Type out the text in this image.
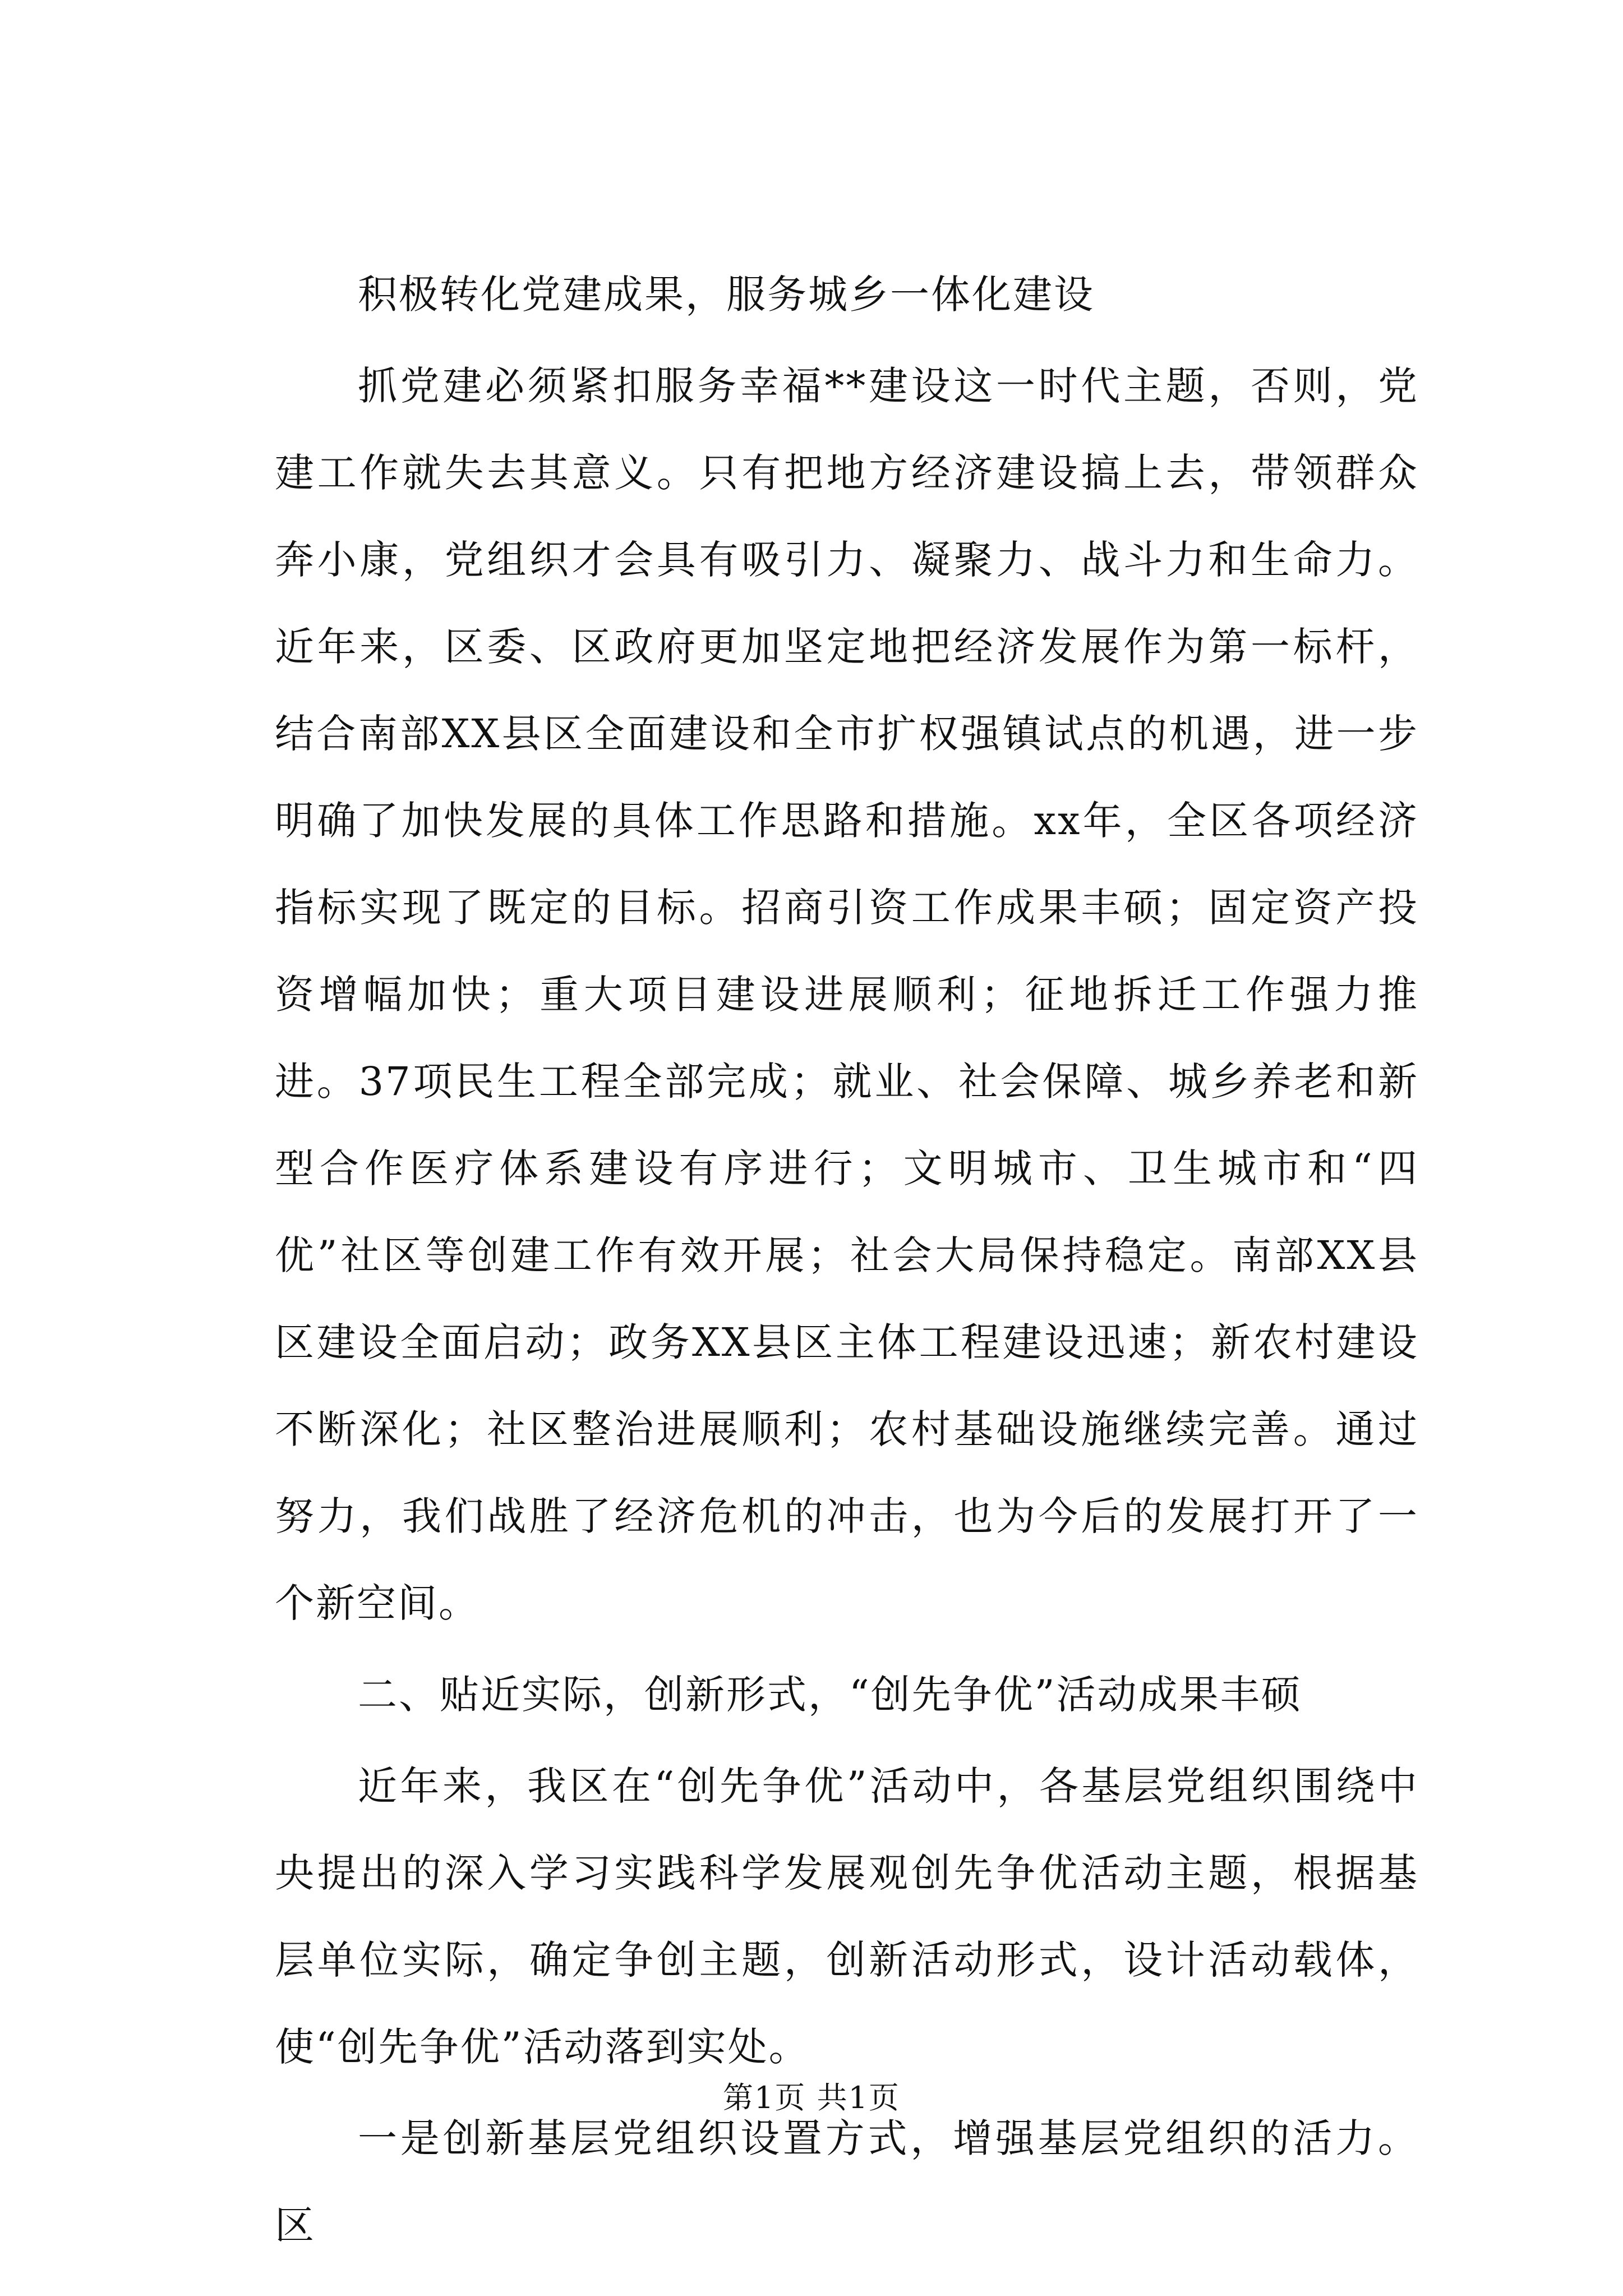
积极转化党建成果，服务城乡一体化建设

抓党建必须紧扣服务幸福**建设这一时代主题，否则，党建工作就失去其意义。只有把地方经济建设搞上去，带领群众奔小康，党组织才会具有吸引力、凝聚力、战斗力和生命力。近年来，区委、区政府更加坚定地把经济发展作为第一标杆，结合南部XX县区全面建设和全市扩权强镇试点的机遇，进一步明确了加快发展的具体工作思路和措施。xx年，全区各项经济指标实现了既定的目标。招商引资工作成果丰硕；固定资产投资增幅加快；重大项目建设进展顺利；征地拆迁工作强力推进。37项民生工程全部完成；就业、社会保障、城乡养老和新型合作医疗体系建设有序进行；文明城市、卫生城市和“四优”社区等创建工作有效开展；社会大局保持稳定。南部XX县区建设全面启动；政务XX县区主体工程建设迅速；新农村建设不断深化；社区整治进展顺利；农村基础设施继续完善。通过努力，我们战胜了经济危机的冲击，也为今后的发展打开了一个新空间。

二、贴近实际，创新形式，“创先争优”活动成果丰硕

近年来，我区在“创先争优”活动中，各基层党组织围绕中央提出的深入学习实践科学发展观创先争优活动主题，根据基层单位实际，确定争创主题，创新活动形式，设计活动载体，使“创先争优”活动落到实处。

一是创新基层党组织设置方式，增强基层党组织的活力。区

第1页 共1页
